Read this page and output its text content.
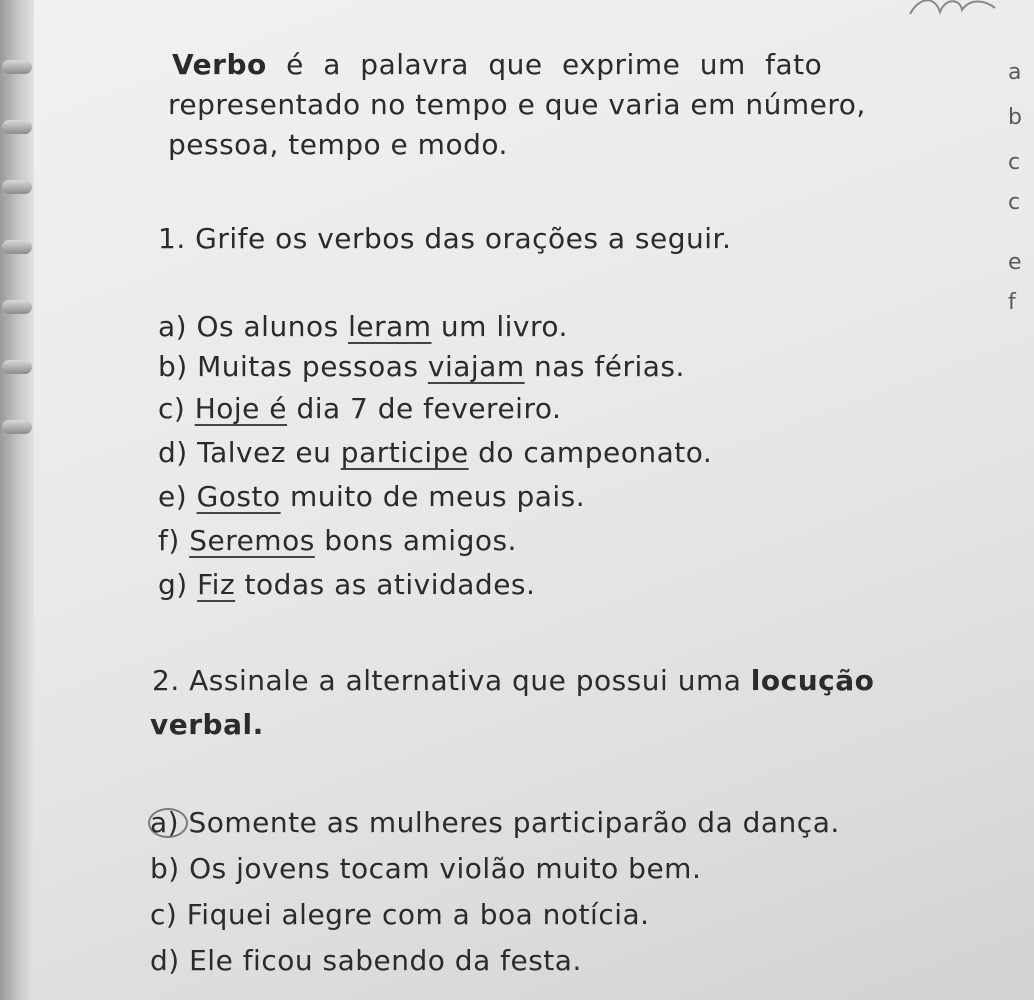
a
b
c
c
e
f
Verbo é a palavra que exprime um fato
representado no tempo e que varia em número,
pessoa, tempo e modo.
1. Grife os verbos das orações a seguir.
a) Os alunos leram um livro.
b) Muitas pessoas viajam nas férias.
c) Hoje é dia 7 de fevereiro.
d) Talvez eu participe do campeonato.
e) Gosto muito de meus pais.
f) Seremos bons amigos.
g) Fiz todas as atividades.
2. Assinale a alternativa que possui uma locução
verbal.
a) Somente as mulheres participarão da dança.
b) Os jovens tocam violão muito bem.
c) Fiquei alegre com a boa notícia.
d) Ele ficou sabendo da festa.
